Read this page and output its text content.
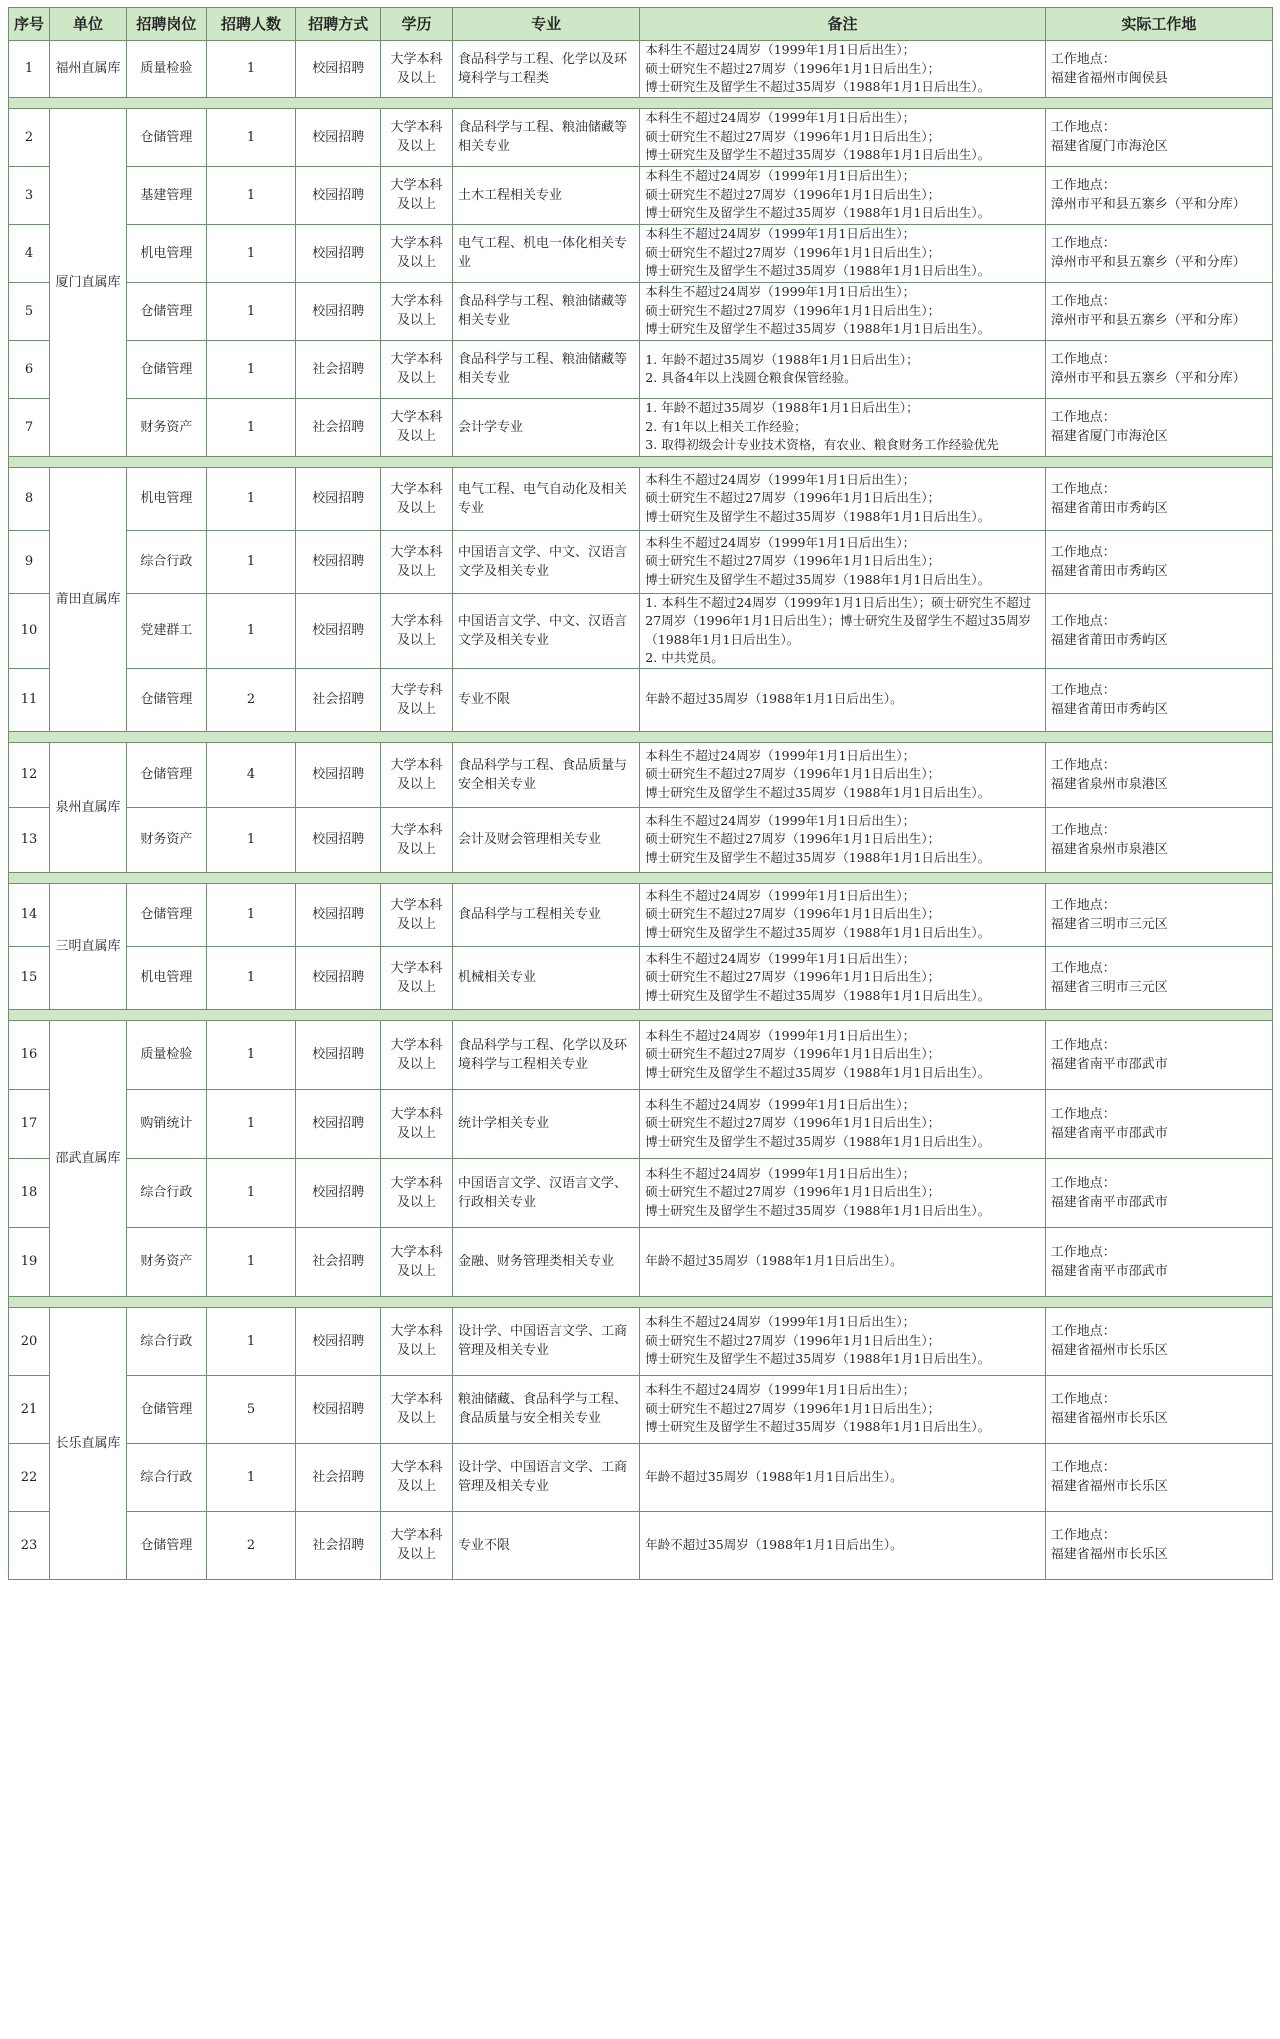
序号	单位	招聘岗位	招聘人数	招聘方式	学历	专业	备注	实际工作地
1	福州直属库	质量检验	1	校园招聘	大学本科及以上	食品科学与工程、化学以及环境科学与工程类	本科生不超过24周岁（1999年1月1日后出生）；
硕士研究生不超过27周岁（1996年1月1日后出生）；
博士研究生及留学生不超过35周岁（1988年1月1日后出生）。	工作地点：
福建省福州市闽侯县

2	厦门直属库	仓储管理	1	校园招聘	大学本科及以上	食品科学与工程、粮油储藏等相关专业	本科生不超过24周岁（1999年1月1日后出生）；
硕士研究生不超过27周岁（1996年1月1日后出生）；
博士研究生及留学生不超过35周岁（1988年1月1日后出生）。	工作地点：
福建省厦门市海沧区
3		基建管理	1	校园招聘	大学本科及以上	土木工程相关专业	本科生不超过24周岁（1999年1月1日后出生）；
硕士研究生不超过27周岁（1996年1月1日后出生）；
博士研究生及留学生不超过35周岁（1988年1月1日后出生）。	工作地点：
漳州市平和县五寨乡（平和分库）
4		机电管理	1	校园招聘	大学本科及以上	电气工程、机电一体化相关专业	本科生不超过24周岁（1999年1月1日后出生）；
硕士研究生不超过27周岁（1996年1月1日后出生）；
博士研究生及留学生不超过35周岁（1988年1月1日后出生）。	工作地点：
漳州市平和县五寨乡（平和分库）
5		仓储管理	1	校园招聘	大学本科及以上	食品科学与工程、粮油储藏等相关专业	本科生不超过24周岁（1999年1月1日后出生）；
硕士研究生不超过27周岁（1996年1月1日后出生）；
博士研究生及留学生不超过35周岁（1988年1月1日后出生）。	工作地点：
漳州市平和县五寨乡（平和分库）
6		仓储管理	1	社会招聘	大学本科及以上	食品科学与工程、粮油储藏等相关专业	1. 年龄不超过35周岁（1988年1月1日后出生）；
2. 具备4年以上浅圆仓粮食保管经验。	工作地点：
漳州市平和县五寨乡（平和分库）
7		财务资产	1	社会招聘	大学本科及以上	会计学专业	1. 年龄不超过35周岁（1988年1月1日后出生）；
2. 有1年以上相关工作经验；
3. 取得初级会计专业技术资格，有农业、粮食财务工作经验优先	工作地点：
福建省厦门市海沧区

8	莆田直属库	机电管理	1	校园招聘	大学本科及以上	电气工程、电气自动化及相关专业	本科生不超过24周岁（1999年1月1日后出生）；
硕士研究生不超过27周岁（1996年1月1日后出生）；
博士研究生及留学生不超过35周岁（1988年1月1日后出生）。	工作地点：
福建省莆田市秀屿区
9		综合行政	1	校园招聘	大学本科及以上	中国语言文学、中文、汉语言文学及相关专业	本科生不超过24周岁（1999年1月1日后出生）；
硕士研究生不超过27周岁（1996年1月1日后出生）；
博士研究生及留学生不超过35周岁（1988年1月1日后出生）。	工作地点：
福建省莆田市秀屿区
10		党建群工	1	校园招聘	大学本科及以上	中国语言文学、中文、汉语言文学及相关专业	1. 本科生不超过24周岁（1999年1月1日后出生）；硕士研究生不超过27周岁（1996年1月1日后出生）；博士研究生及留学生不超过35周岁（1988年1月1日后出生）。
2. 中共党员。	工作地点：
福建省莆田市秀屿区
11		仓储管理	2	社会招聘	大学专科及以上	专业不限	年龄不超过35周岁（1988年1月1日后出生）。	工作地点：
福建省莆田市秀屿区

12	泉州直属库	仓储管理	4	校园招聘	大学本科及以上	食品科学与工程、食品质量与安全相关专业	本科生不超过24周岁（1999年1月1日后出生）；
硕士研究生不超过27周岁（1996年1月1日后出生）；
博士研究生及留学生不超过35周岁（1988年1月1日后出生）。	工作地点：
福建省泉州市泉港区
13		财务资产	1	校园招聘	大学本科及以上	会计及财会管理相关专业	本科生不超过24周岁（1999年1月1日后出生）；
硕士研究生不超过27周岁（1996年1月1日后出生）；
博士研究生及留学生不超过35周岁（1988年1月1日后出生）。	工作地点：
福建省泉州市泉港区

14	三明直属库	仓储管理	1	校园招聘	大学本科及以上	食品科学与工程相关专业	本科生不超过24周岁（1999年1月1日后出生）；
硕士研究生不超过27周岁（1996年1月1日后出生）；
博士研究生及留学生不超过35周岁（1988年1月1日后出生）。	工作地点：
福建省三明市三元区
15		机电管理	1	校园招聘	大学本科及以上	机械相关专业	本科生不超过24周岁（1999年1月1日后出生）；
硕士研究生不超过27周岁（1996年1月1日后出生）；
博士研究生及留学生不超过35周岁（1988年1月1日后出生）。	工作地点：
福建省三明市三元区

16	邵武直属库	质量检验	1	校园招聘	大学本科及以上	食品科学与工程、化学以及环境科学与工程相关专业	本科生不超过24周岁（1999年1月1日后出生）；
硕士研究生不超过27周岁（1996年1月1日后出生）；
博士研究生及留学生不超过35周岁（1988年1月1日后出生）。	工作地点：
福建省南平市邵武市
17		购销统计	1	校园招聘	大学本科及以上	统计学相关专业	本科生不超过24周岁（1999年1月1日后出生）；
硕士研究生不超过27周岁（1996年1月1日后出生）；
博士研究生及留学生不超过35周岁（1988年1月1日后出生）。	工作地点：
福建省南平市邵武市
18		综合行政	1	校园招聘	大学本科及以上	中国语言文学、汉语言文学、行政相关专业	本科生不超过24周岁（1999年1月1日后出生）；
硕士研究生不超过27周岁（1996年1月1日后出生）；
博士研究生及留学生不超过35周岁（1988年1月1日后出生）。	工作地点：
福建省南平市邵武市
19		财务资产	1	社会招聘	大学本科及以上	金融、财务管理类相关专业	年龄不超过35周岁（1988年1月1日后出生）。	工作地点：
福建省南平市邵武市

20	长乐直属库	综合行政	1	校园招聘	大学本科及以上	设计学、中国语言文学、工商管理及相关专业	本科生不超过24周岁（1999年1月1日后出生）；
硕士研究生不超过27周岁（1996年1月1日后出生）；
博士研究生及留学生不超过35周岁（1988年1月1日后出生）。	工作地点：
福建省福州市长乐区
21		仓储管理	5	校园招聘	大学本科及以上	粮油储藏、食品科学与工程、食品质量与安全相关专业	本科生不超过24周岁（1999年1月1日后出生）；
硕士研究生不超过27周岁（1996年1月1日后出生）；
博士研究生及留学生不超过35周岁（1988年1月1日后出生）。	工作地点：
福建省福州市长乐区
22		综合行政	1	社会招聘	大学本科及以上	设计学、中国语言文学、工商管理及相关专业	年龄不超过35周岁（1988年1月1日后出生）。	工作地点：
福建省福州市长乐区
23		仓储管理	2	社会招聘	大学本科及以上	专业不限	年龄不超过35周岁（1988年1月1日后出生）。	工作地点：
福建省福州市长乐区
